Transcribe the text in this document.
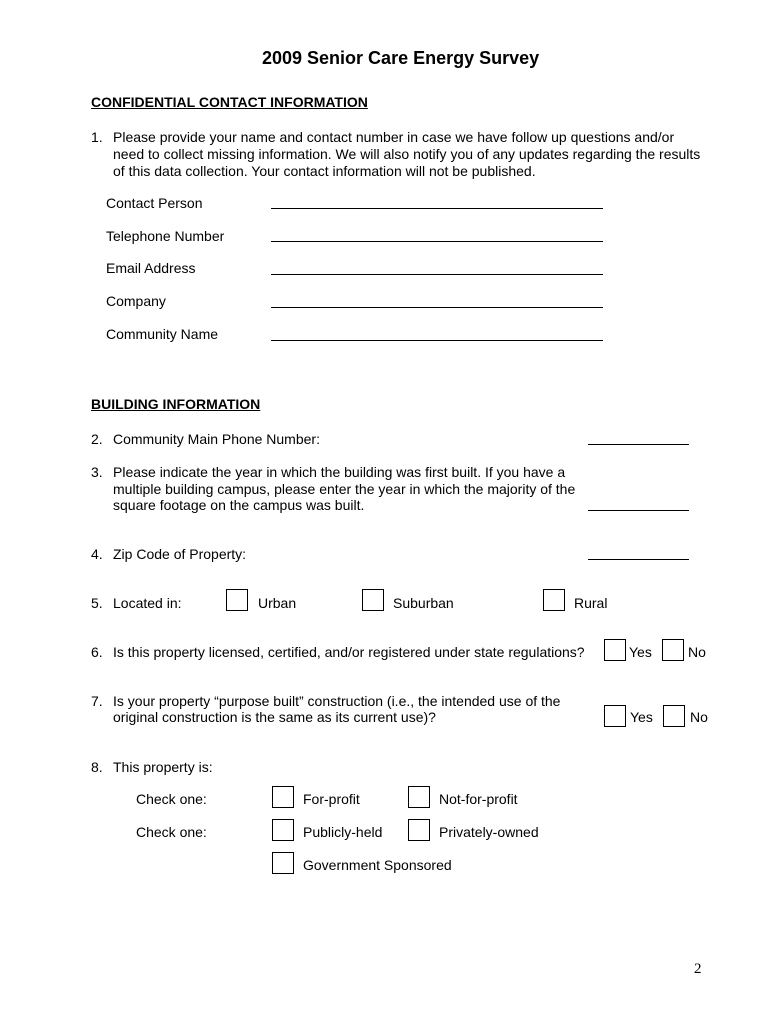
2009 Senior Care Energy Survey
CONFIDENTIAL CONTACT INFORMATION
1. Please provide your name and contact number in case we have follow up questions and/or
need to collect missing information. We will also notify you of any updates regarding the results
of this data collection. Your contact information will not be published.
Contact Person
Telephone Number
Email Address
Company
Community Name
BUILDING INFORMATION
2. Community Main Phone Number:
3. Please indicate the year in which the building was first built. If you have a
multiple building campus, please enter the year in which the majority of the
square footage on the campus was built.
4. Zip Code of Property:
5. Located in:	Urban	Suburban	Rural
6. Is this property licensed, certified, and/or registered under state regulations?	Yes	No
7. Is your property “purpose built” construction (i.e., the intended use of the
original construction is the same as its current use)?	Yes	No
8. This property is:
Check one:	For-profit	Not-for-profit
Check one:	Publicly-held	Privately-owned
Government Sponsored
2
